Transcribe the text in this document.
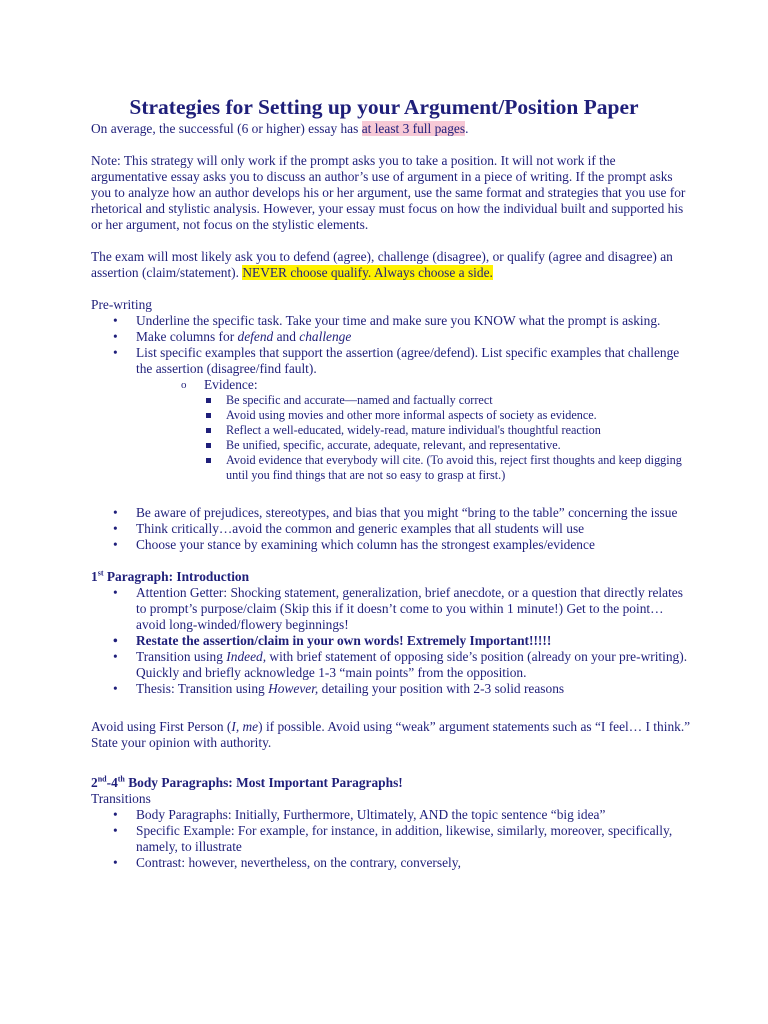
Strategies for Setting up your Argument/Position Paper

On average, the successful (6 or higher) essay has at least 3 full pages.

Note: This strategy will only work if the prompt asks you to take a position. It will not work if the argumentative essay asks you to discuss an author’s use of argument in a piece of writing. If the prompt asks you to analyze how an author develops his or her argument, use the same format and strategies that you use for rhetorical and stylistic analysis. However, your essay must focus on how the individual built and supported his or her argument, not focus on the stylistic elements.

The exam will most likely ask you to defend (agree), challenge (disagree), or qualify (agree and disagree) an assertion (claim/statement). NEVER choose qualify. Always choose a side.

Pre-writing

• Underline the specific task. Take your time and make sure you KNOW what the prompt is asking.
• Make columns for defend and challenge
• List specific examples that support the assertion (agree/defend). List specific examples that challenge the assertion (disagree/find fault).
o Evidence:
Be specific and accurate—named and factually correct
Avoid using movies and other more informal aspects of society as evidence.
Reflect a well-educated, widely-read, mature individual's thoughtful reaction
Be unified, specific, accurate, adequate, relevant, and representative.
Avoid evidence that everybody will cite. (To avoid this, reject first thoughts and keep digging until you find things that are not so easy to grasp at first.)
• Be aware of prejudices, stereotypes, and bias that you might “bring to the table” concerning the issue
• Think critically…avoid the common and generic examples that all students will use
• Choose your stance by examining which column has the strongest examples/evidence

1st Paragraph: Introduction

• Attention Getter: Shocking statement, generalization, brief anecdote, or a question that directly relates to prompt’s purpose/claim (Skip this if it doesn’t come to you within 1 minute!) Get to the point…avoid long-winded/flowery beginnings!
• Restate the assertion/claim in your own words! Extremely Important!!!!!
• Transition using Indeed, with brief statement of opposing side’s position (already on your pre-writing). Quickly and briefly acknowledge 1-3 “main points” from the opposition.
• Thesis: Transition using However, detailing your position with 2-3 solid reasons

Avoid using First Person (I, me) if possible. Avoid using “weak” argument statements such as “I feel… I think.” State your opinion with authority.

2nd-4th Body Paragraphs: Most Important Paragraphs!

Transitions

• Body Paragraphs: Initially, Furthermore, Ultimately, AND the topic sentence “big idea”
• Specific Example: For example, for instance, in addition, likewise, similarly, moreover, specifically, namely, to illustrate
• Contrast: however, nevertheless, on the contrary, conversely,
